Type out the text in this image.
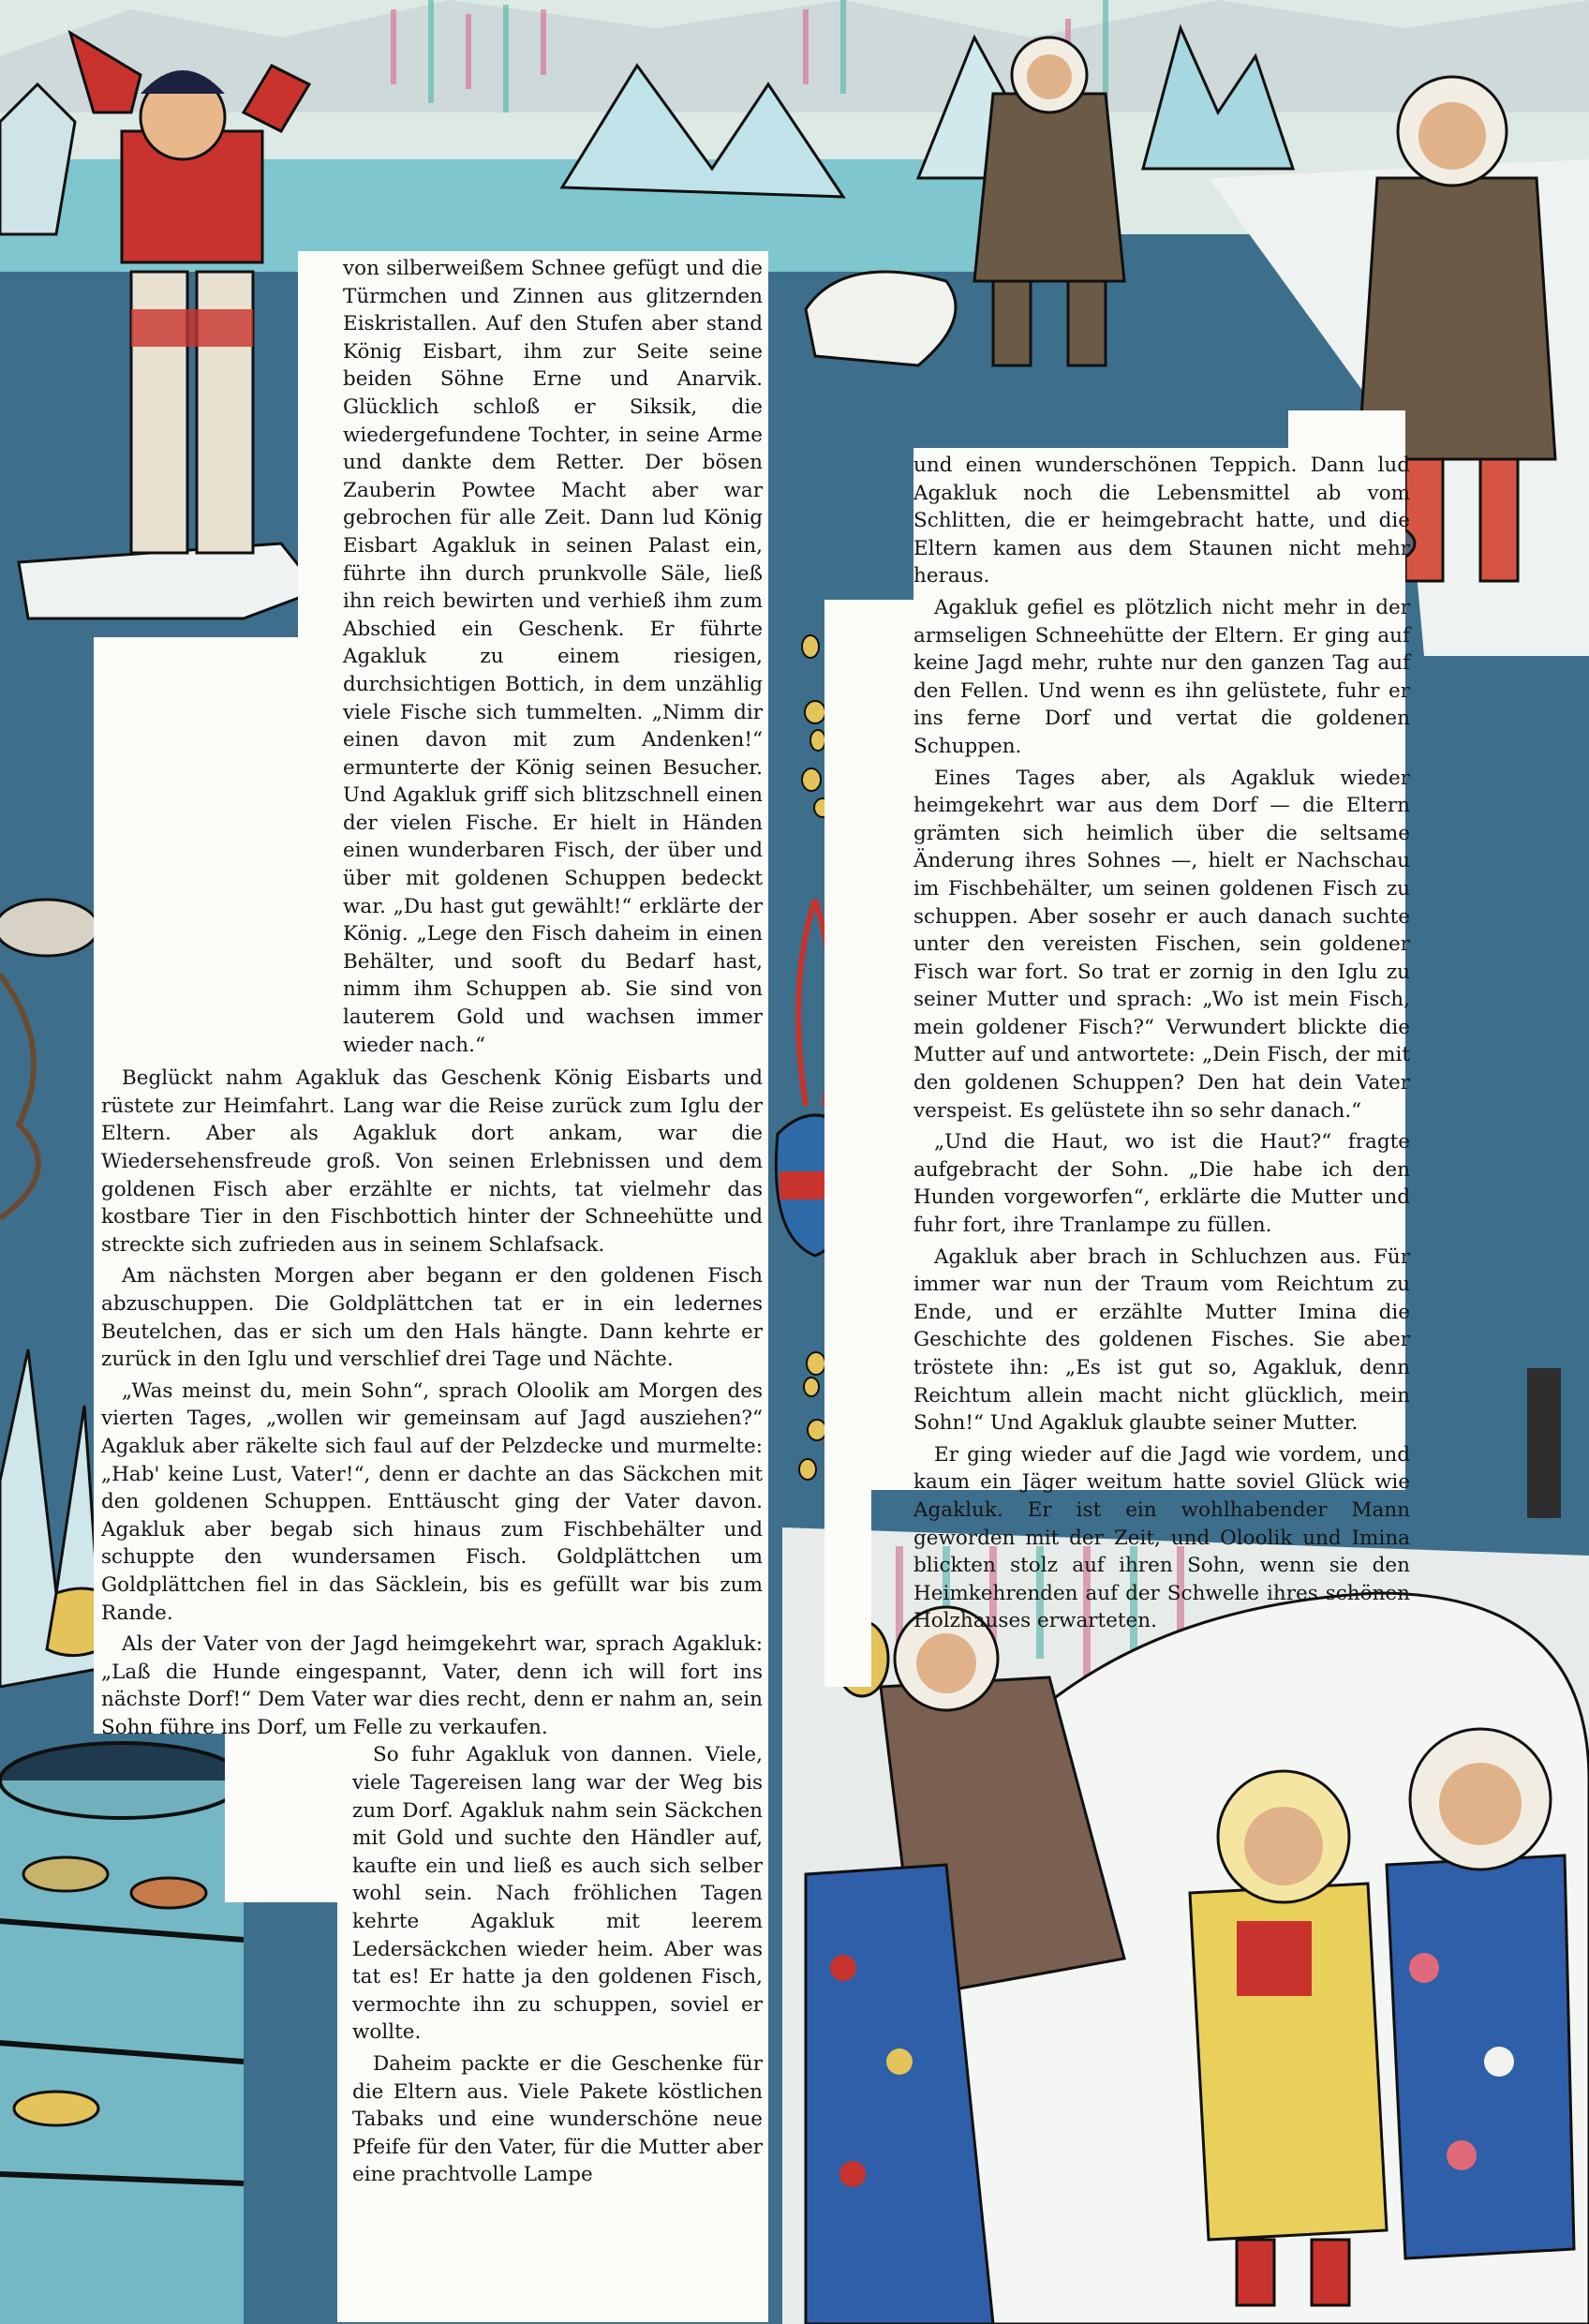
von silberweißem Schnee gefügt und die Türmchen und Zinnen aus glitzernden Eiskristallen. Auf den Stufen aber stand König Eisbart, ihm zur Seite seine beiden Söhne Erne und Anarvik. Glücklich schloß er Siksik, die wiedergefundene Tochter, in seine Arme und dankte dem Retter. Der bösen Zauberin Powtee Macht aber war gebrochen für alle Zeit. Dann lud König Eisbart Agakluk in seinen Palast ein, führte ihn durch prunkvolle Säle, ließ ihn reich bewirten und verhieß ihm zum Abschied ein Geschenk. Er führte Agakluk zu einem riesigen, durchsichtigen Bottich, in dem unzählig viele Fische sich tummelten. „Nimm dir einen davon mit zum Andenken!“ ermunterte der König seinen Besucher. Und Agakluk griff sich blitzschnell einen der vielen Fische. Er hielt in Händen einen wunderbaren Fisch, der über und über mit goldenen Schuppen bedeckt war. „Du hast gut gewählt!“ erklärte der König. „Lege den Fisch daheim in einen Behälter, und sooft du Bedarf hast, nimm ihm Schuppen ab. Sie sind von lauterem Gold und wachsen immer wieder nach.“

Beglückt nahm Agakluk das Geschenk König Eisbarts und rüstete zur Heimfahrt. Lang war die Reise zurück zum Iglu der Eltern. Aber als Agakluk dort ankam, war die Wiedersehensfreude groß. Von seinen Erlebnissen und dem goldenen Fisch aber erzählte er nichts, tat vielmehr das kostbare Tier in den Fischbottich hinter der Schneehütte und streckte sich zufrieden aus in seinem Schlafsack.

Am nächsten Morgen aber begann er den goldenen Fisch abzuschuppen. Die Goldplättchen tat er in ein ledernes Beutelchen, das er sich um den Hals hängte. Dann kehrte er zurück in den Iglu und verschlief drei Tage und Nächte.

„Was meinst du, mein Sohn“, sprach Oloolik am Morgen des vierten Tages, „wollen wir gemeinsam auf Jagd ausziehen?“ Agakluk aber räkelte sich faul auf der Pelzdecke und murmelte: „Hab' keine Lust, Vater!“, denn er dachte an das Säckchen mit den goldenen Schuppen. Enttäuscht ging der Vater davon. Agakluk aber begab sich hinaus zum Fischbehälter und schuppte den wundersamen Fisch. Goldplättchen um Goldplättchen fiel in das Säcklein, bis es gefüllt war bis zum Rande.

Als der Vater von der Jagd heimgekehrt war, sprach Agakluk: „Laß die Hunde eingespannt, Vater, denn ich will fort ins nächste Dorf!“ Dem Vater war dies recht, denn er nahm an, sein Sohn führe ins Dorf, um Felle zu verkaufen.

So fuhr Agakluk von dannen. Viele, viele Tagereisen lang war der Weg bis zum Dorf. Agakluk nahm sein Säckchen mit Gold und suchte den Händler auf, kaufte ein und ließ es auch sich selber wohl sein. Nach fröhlichen Tagen kehrte Agakluk mit leerem Ledersäckchen wieder heim. Aber was tat es! Er hatte ja den goldenen Fisch, vermochte ihn zu schuppen, soviel er wollte.

Daheim packte er die Geschenke für die Eltern aus. Viele Pakete köstlichen Tabaks und eine wunderschöne neue Pfeife für den Vater, für die Mutter aber eine prachtvolle Lampe

und einen wunderschönen Teppich. Dann lud Agakluk noch die Lebensmittel ab vom Schlitten, die er heimgebracht hatte, und die Eltern kamen aus dem Staunen nicht mehr heraus.

Agakluk gefiel es plötzlich nicht mehr in der armseligen Schneehütte der Eltern. Er ging auf keine Jagd mehr, ruhte nur den ganzen Tag auf den Fellen. Und wenn es ihn gelüstete, fuhr er ins ferne Dorf und vertat die goldenen Schuppen.

Eines Tages aber, als Agakluk wieder heimgekehrt war aus dem Dorf — die Eltern grämten sich heimlich über die seltsame Änderung ihres Sohnes —, hielt er Nachschau im Fischbehälter, um seinen goldenen Fisch zu schuppen. Aber sosehr er auch danach suchte unter den vereisten Fischen, sein goldener Fisch war fort. So trat er zornig in den Iglu zu seiner Mutter und sprach: „Wo ist mein Fisch, mein goldener Fisch?“ Verwundert blickte die Mutter auf und antwortete: „Dein Fisch, der mit den goldenen Schuppen? Den hat dein Vater verspeist. Es gelüstete ihn so sehr danach.“

„Und die Haut, wo ist die Haut?“ fragte aufgebracht der Sohn. „Die habe ich den Hunden vorgeworfen“, erklärte die Mutter und fuhr fort, ihre Tranlampe zu füllen.

Agakluk aber brach in Schluchzen aus. Für immer war nun der Traum vom Reichtum zu Ende, und er erzählte Mutter Imina die Geschichte des goldenen Fisches. Sie aber tröstete ihn: „Es ist gut so, Agakluk, denn Reichtum allein macht nicht glücklich, mein Sohn!“ Und Agakluk glaubte seiner Mutter.

Er ging wieder auf die Jagd wie vordem, und kaum ein Jäger weitum hatte soviel Glück wie Agakluk. Er ist ein wohlhabender Mann geworden mit der Zeit, und Oloolik und Imina blickten stolz auf ihren Sohn, wenn sie den Heimkehrenden auf der Schwelle ihres schönen Holzhauses erwarteten.
